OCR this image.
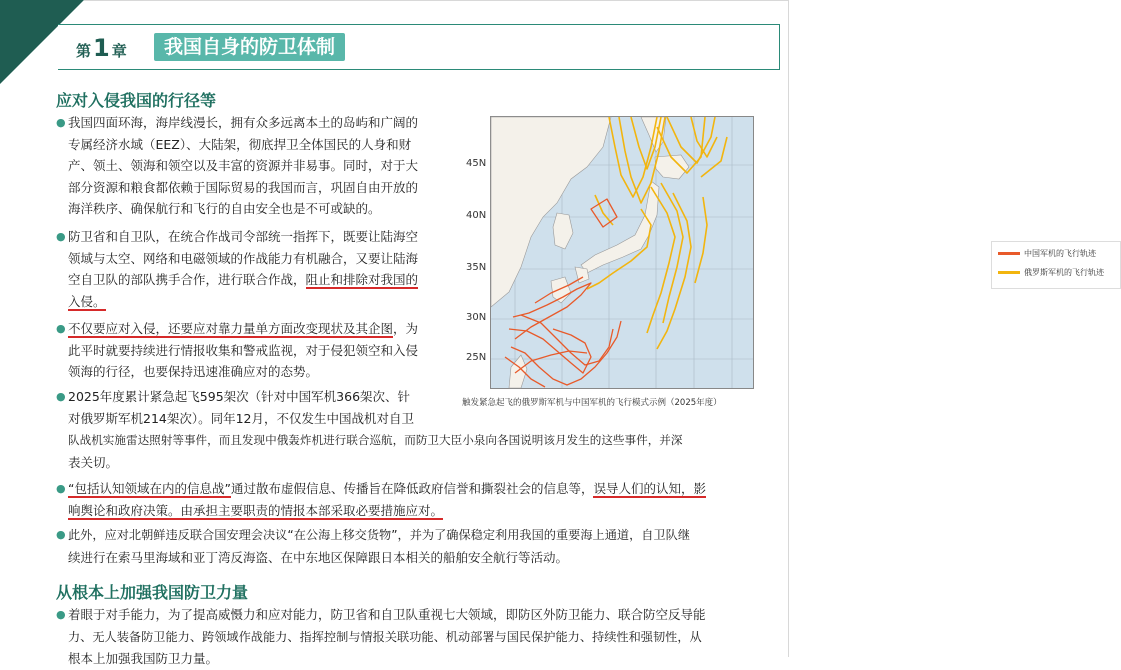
第1 章	我国自身的防卫体制
应对入侵我国的行径等
● 我国四面环海，海岸线漫长，拥有众多远离本土的岛屿和广阔的
专属经济水域（EEZ）、大陆架，彻底捍卫全体国民的人身和财
产、领土、领海和领空以及丰富的资源并非易事。同时，对于大
部分资源和粮食都依赖于国际贸易的我国而言，巩固自由开放的
海洋秩序、确保航行和飞行的自由安全也是不可或缺的。
● 防卫省和自卫队，在统合作战司令部统一指挥下，既要让陆海空
领域与太空、网络和电磁领域的作战能力有机融合，又要让陆海
空自卫队的部队携手合作，进行联合作战，阻止和排除对我国的
入侵。
● 不仅要应对入侵，还要应对靠力量单方面改变现状及其企图，为
此平时就要持续进行情报收集和警戒监视，对于侵犯领空和入侵
领海的行径，也要保持迅速准确应对的态势。
● 2025年度累计紧急起飞595架次（针对中国军机366架次、针
对俄罗斯军机214架次）。同年12月，不仅发生中国战机对自卫
队战机实施雷达照射等事件，而且发现中俄轰炸机进行联合巡航，而防卫大臣小泉向各国说明该月发生的这些事件，并深
表关切。
● “包括认知领域在内的信息战”通过散布虚假信息、传播旨在降低政府信誉和撕裂社会的信息等，误导人们的认知，影
响舆论和政府决策。由承担主要职责的情报本部采取必要措施应对。
● 此外，应对北朝鲜违反联合国安理会决议“在公海上移交货物”，并为了确保稳定利用我国的重要海上通道，自卫队继
续进行在索马里海域和亚丁湾反海盗、在中东地区保障跟日本相关的船舶安全航行等活动。
从根本上加强我国防卫力量
● 着眼于对手能力，为了提高威慑力和应对能力，防卫省和自卫队重视七大领域，即防区外防卫能力、联合防空反导能
力、无人装备防卫能力、跨领域作战能力、指挥控制与情报关联功能、机动部署与国民保护能力、持续性和强韧性，从
根本上加强我国防卫力量。
45N
40N
35N
30N
25N
中国军机的飞行轨迹
俄罗斯军机的飞行轨迹
触发紧急起飞的俄罗斯军机与中国军机的飞行模式示例（2025年度）
